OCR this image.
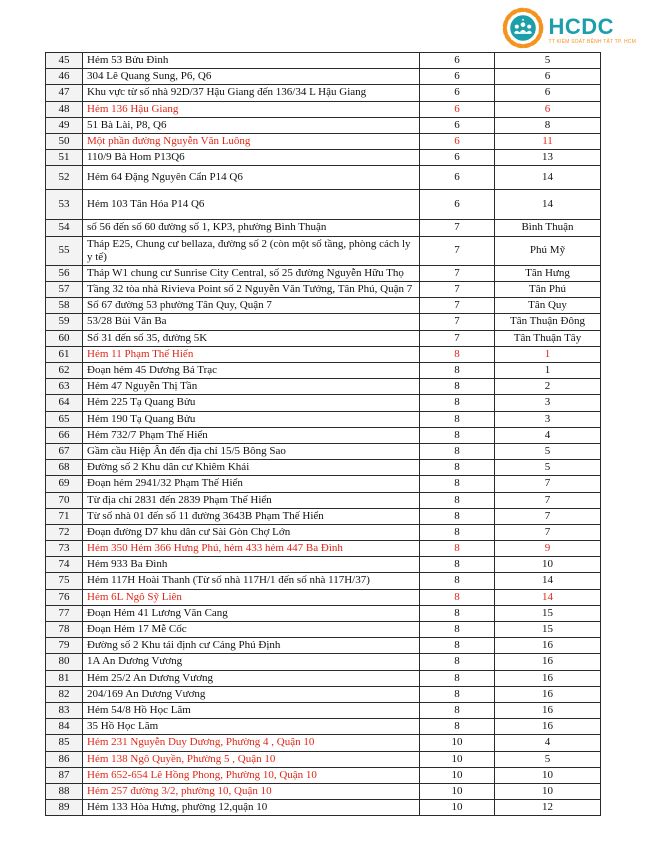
HCDC
TT KIỂM SOÁT BỆNH TẬT TP. HCM
45	Hẻm 53 Bửu Đình	6	5
46	304 Lê Quang Sung, P6, Q6	6	6
47	Khu vực từ số nhà 92D/37 Hậu Giang đến 136/34 L Hậu Giang	6	6
48	Hẻm 136 Hậu Giang	6	6
49	51 Bà Lài, P8, Q6	6	8
50	Một phần đường Nguyễn Văn Luông	6	11
51	110/9 Bà Hom P13Q6	6	13
52	Hẻm 64 Đặng Nguyên Cẩn P14 Q6	6	14
53	Hẻm 103 Tân Hóa P14 Q6	6	14
54	số 56 đến số 60 đường số 1, KP3, phường Bình Thuận	7	Bình Thuận
55	Tháp E25, Chung cư bellaza, đường số 2 (còn một số tầng, phòng cách ly y tế)	7	Phú Mỹ
56	Tháp W1 chung cư Sunrise City Central, số 25 đường Nguyễn Hữu Thọ	7	Tân Hưng
57	Tầng 32 tòa nhà Rivieva Point số 2 Nguyễn Văn Tưởng, Tân Phú, Quận 7	7	Tân Phú
58	Số 67 đường 53 phường Tân Quy, Quận 7	7	Tân Quy
59	53/28 Bùi Văn Ba	7	Tân Thuận Đông
60	Số 31 đến số 35, đường 5K	7	Tân Thuận Tây
61	Hẻm 11 Phạm Thế Hiển	8	1
62	Đoạn hẻm 45 Dương Bá Trạc	8	1
63	Hẻm 47 Nguyễn Thị Tần	8	2
64	Hẻm 225 Tạ Quang Bửu	8	3
65	Hẻm 190 Tạ Quang Bửu	8	3
66	Hẻm 732/7 Phạm Thế Hiển	8	4
67	Gầm cầu Hiệp Ân đến địa chỉ 15/5 Bông Sao	8	5
68	Đường số 2 Khu dân cư Khiêm Khái	8	5
69	Đoạn hẻm 2941/32 Phạm Thế Hiển	8	7
70	Từ địa chỉ 2831 đến 2839 Phạm Thế Hiển	8	7
71	Từ số nhà 01 đến số 11 đường 3643B Phạm Thế Hiển	8	7
72	Đoạn đường D7 khu dân cư Sài Gòn Chợ Lớn	8	7
73	Hẻm 350 Hẻm 366 Hưng Phú, hẻm 433 hẻm 447 Ba Đình	8	9
74	Hẻm 933 Ba Đình	8	10
75	Hẻm 117H Hoài Thanh (Từ số nhà 117H/1 đến số nhà 117H/37)	8	14
76	Hẻm 6L Ngô Sỹ Liên	8	14
77	Đoạn Hẻm 41 Lương Văn Cang	8	15
78	Đoạn Hẻm 17 Mễ Cốc	8	15
79	Đường số 2 Khu tái định cư Cảng Phú Định	8	16
80	1A An Dương Vương	8	16
81	Hẻm 25/2 An Dương Vương	8	16
82	204/169 An Dương Vương	8	16
83	Hẻm 54/8 Hồ Học Lãm	8	16
84	35 Hồ Học Lãm	8	16
85	Hẻm 231 Nguyễn Duy Dương, Phường 4 , Quận 10	10	4
86	Hẻm 138 Ngô Quyền, Phường 5 , Quận 10	10	5
87	Hẻm 652-654 Lê Hồng Phong, Phường 10, Quận 10	10	10
88	Hẻm 257 đường 3/2, phường 10, Quận 10	10	10
89	Hẻm 133 Hòa Hưng, phường 12,quận 10	10	12
